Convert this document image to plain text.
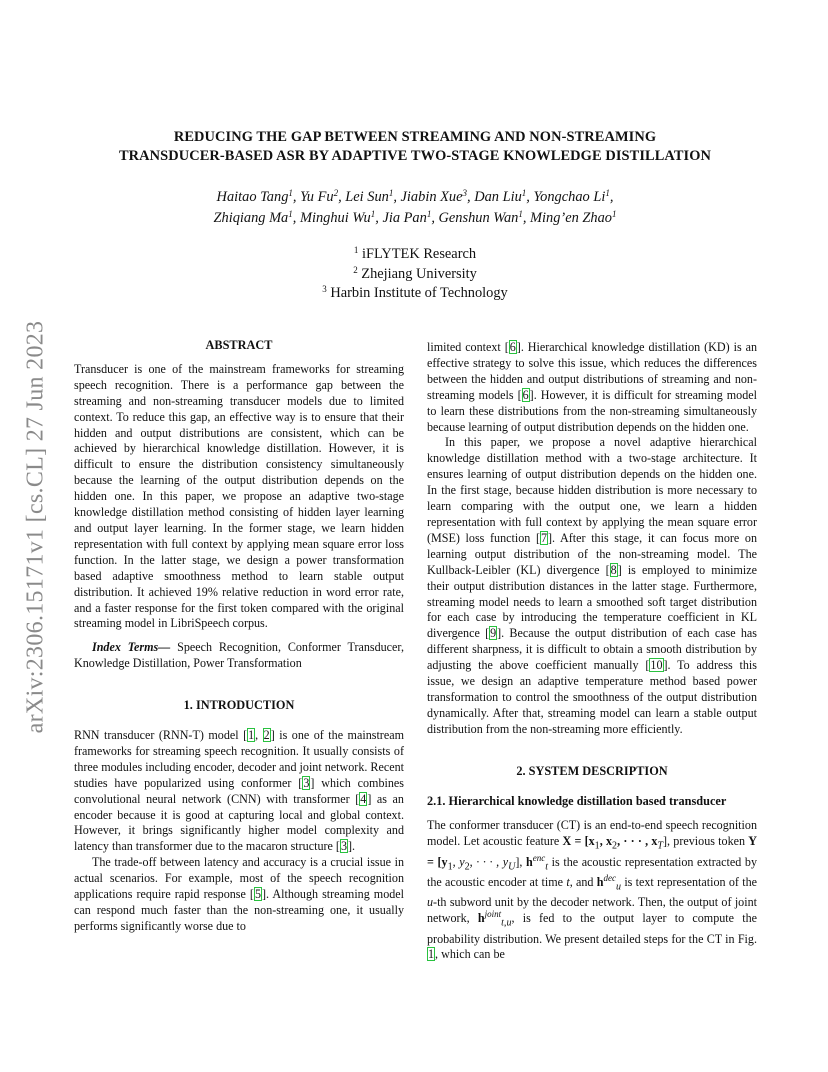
arXiv:2306.15171v1 [cs.CL] 27 Jun 2023
REDUCING THE GAP BETWEEN STREAMING AND NON-STREAMING
TRANSDUCER-BASED ASR BY ADAPTIVE TWO-STAGE KNOWLEDGE DISTILLATION
Haitao Tang$^1$, Yu Fu$^2$, Lei Sun$^1$, Jiabin Xue$^3$, Dan Liu$^1$, Yongchao Li$^1$,
Zhiqiang Ma$^1$, Minghui Wu$^1$, Jia Pan$^1$, Genshun Wan$^1$, Ming’en Zhao$^1$
$^1$ iFLYTEK Research
$^2$ Zhejiang University
$^3$ Harbin Institute of Technology
ABSTRACT

Transducer is one of the mainstream frameworks for streaming speech recognition. There is a performance gap between the streaming and non-streaming transducer models due to limited context. To reduce this gap, an effective way is to ensure that their hidden and output distributions are consistent, which can be achieved by hierarchical knowledge distillation. However, it is difficult to ensure the distribution consistency simultaneously because the learning of the output distribution depends on the hidden one. In this paper, we propose an adaptive two-stage knowledge distillation method consisting of hidden layer learning and output layer learning. In the former stage, we learn hidden representation with full context by applying mean square error loss function. In the latter stage, we design a power transformation based adaptive smoothness method to learn stable output distribution. It achieved 19% relative reduction in word error rate, and a faster response for the first token compared with the original streaming model in LibriSpeech corpus.

Index Terms— Speech Recognition, Conformer Transducer, Knowledge Distillation, Power Transformation

1. INTRODUCTION

RNN transducer (RNN-T) model [1, 2] is one of the mainstream frameworks for streaming speech recognition. It usually consists of three modules including encoder, decoder and joint network. Recent studies have popularized using conformer [3] which combines convolutional neural network (CNN) with transformer [4] as an encoder because it is good at capturing local and global context. However, it brings significantly higher model complexity and latency than transformer due to the macaron structure [3].

The trade-off between latency and accuracy is a crucial issue in actual scenarios. For example, most of the speech recognition applications require rapid response [5]. Although streaming model can respond much faster than the non-streaming one, it usually performs significantly worse due to

limited context [6]. Hierarchical knowledge distillation (KD) is an effective strategy to solve this issue, which reduces the differences between the hidden and output distributions of streaming and non-streaming models [6]. However, it is difficult for streaming model to learn these distributions from the non-streaming simultaneously because learning of output distribution depends on the hidden one.

In this paper, we propose a novel adaptive hierarchical knowledge distillation method with a two-stage architecture. It ensures learning of output distribution depends on the hidden one. In the first stage, because hidden distribution is more necessary to learn comparing with the output one, we learn a hidden representation with full context by applying the mean square error (MSE) loss function [7]. After this stage, it can focus more on learning output distribution of the non-streaming model. The Kullback-Leibler (KL) divergence [8] is employed to minimize their output distribution distances in the latter stage. Furthermore, streaming model needs to learn a smoothed soft target distribution for each case by introducing the temperature coefficient in KL divergence [9]. Because the output distribution of each case has different sharpness, it is difficult to obtain a smooth distribution by adjusting the above coefficient manually [10]. To address this issue, we design an adaptive temperature method based power transformation to control the smoothness of the output distribution dynamically. After that, streaming model can learn a stable output distribution from the non-streaming more efficiently.

2. SYSTEM DESCRIPTION
2.1. Hierarchical knowledge distillation based transducer

The conformer transducer (CT) is an end-to-end speech recognition model. Let acoustic feature $X = [x_1$, $x_2$, · · · , $x_T$], previous token $Y = [y_1$, $y_2$, · · · , $y_U$], $h^{enc}_t$ is the acoustic representation extracted by the acoustic encoder at time t, and $h^{dec}_u$ is text representation of the u-th subword unit by the decoder network. Then, the output of joint network, $h^{joint}_{t,u}$, is fed to the output layer to compute the probability distribution. We present detailed steps for the CT in Fig. 1, which can be
